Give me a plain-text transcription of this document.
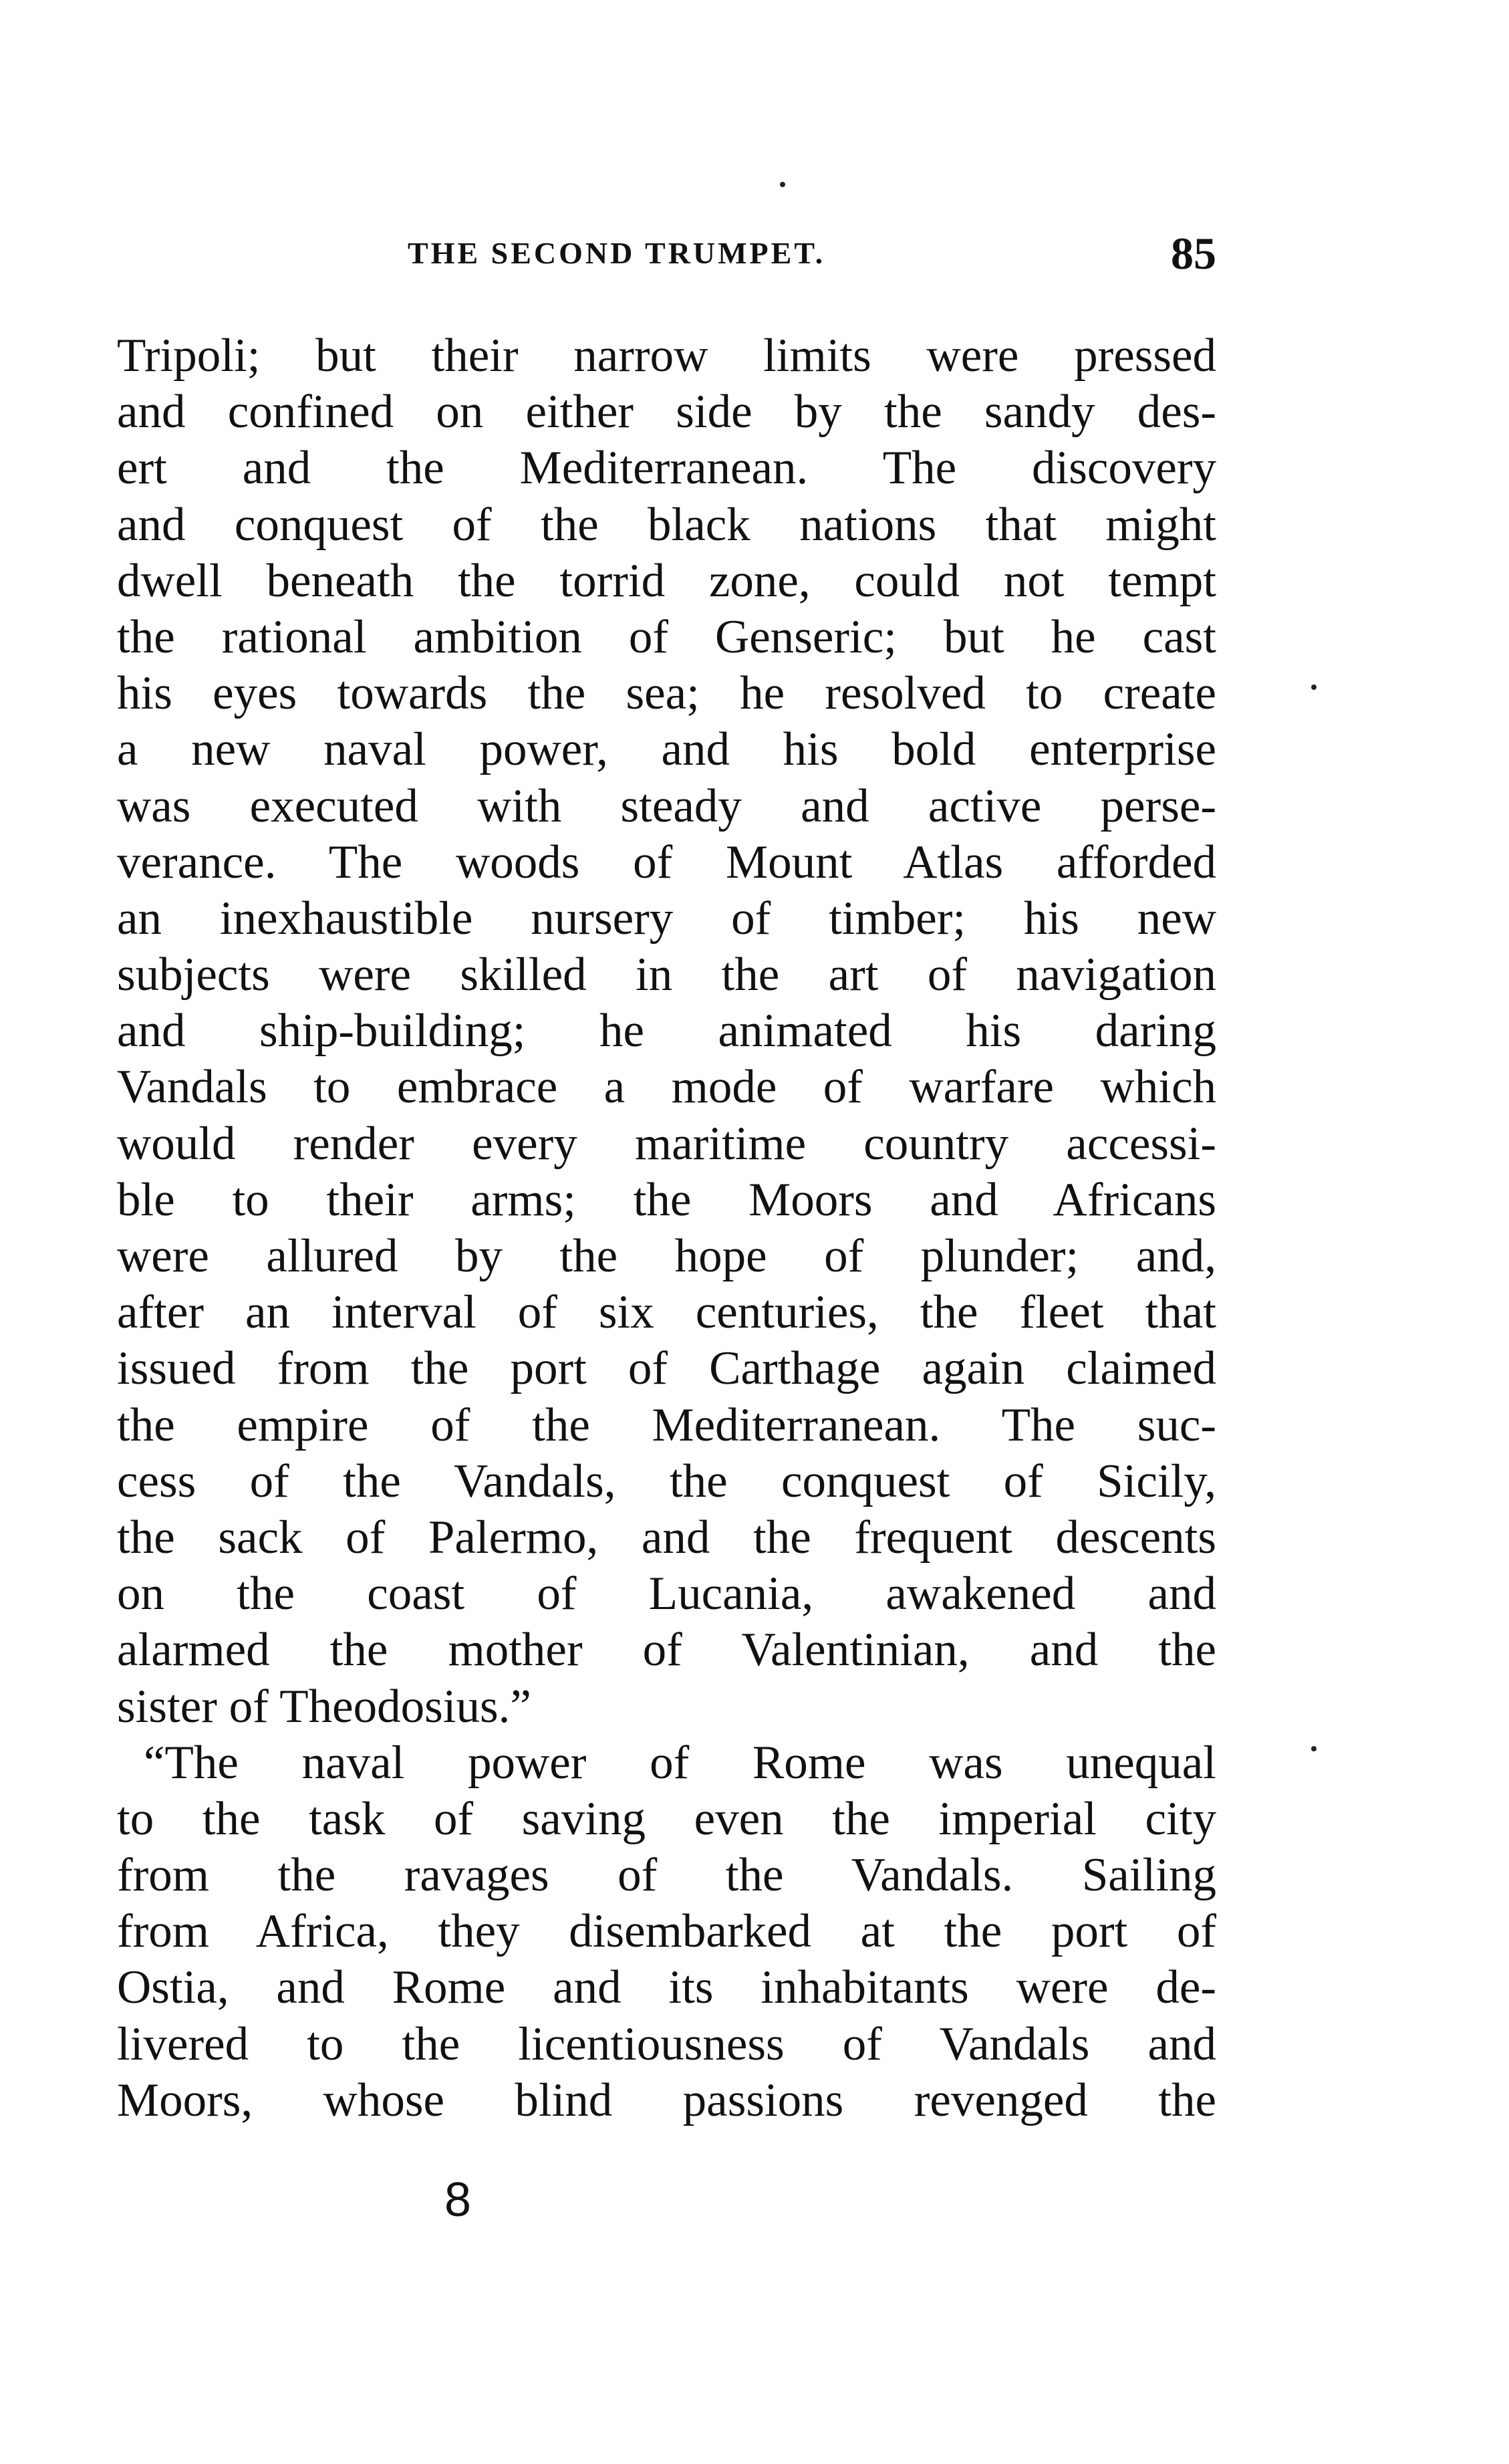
THE SECOND TRUMPET.	85
Tripoli; but their narrow limits were pressed
and confined on either side by the sandy des-
ert and the Mediterranean. The discovery
and conquest of the black nations that might
dwell beneath the torrid zone, could not tempt
the rational ambition of Genseric; but he cast
his eyes towards the sea; he resolved to create
a new naval power, and his bold enterprise
was executed with steady and active perse-
verance. The woods of Mount Atlas afforded
an inexhaustible nursery of timber; his new
subjects were skilled in the art of navigation
and ship-building; he animated his daring
Vandals to embrace a mode of warfare which
would render every maritime country accessi-
ble to their arms; the Moors and Africans
were allured by the hope of plunder; and,
after an interval of six centuries, the fleet that
issued from the port of Carthage again claimed
the empire of the Mediterranean. The suc-
cess of the Vandals, the conquest of Sicily,
the sack of Palermo, and the frequent descents
on the coast of Lucania, awakened and
alarmed the mother of Valentinian, and the
sister of Theodosius.”
“The naval power of Rome was unequal
to the task of saving even the imperial city
from the ravages of the Vandals. Sailing
from Africa, they disembarked at the port of
Ostia, and Rome and its inhabitants were de-
livered to the licentiousness of Vandals and
Moors, whose blind passions revenged the
8
